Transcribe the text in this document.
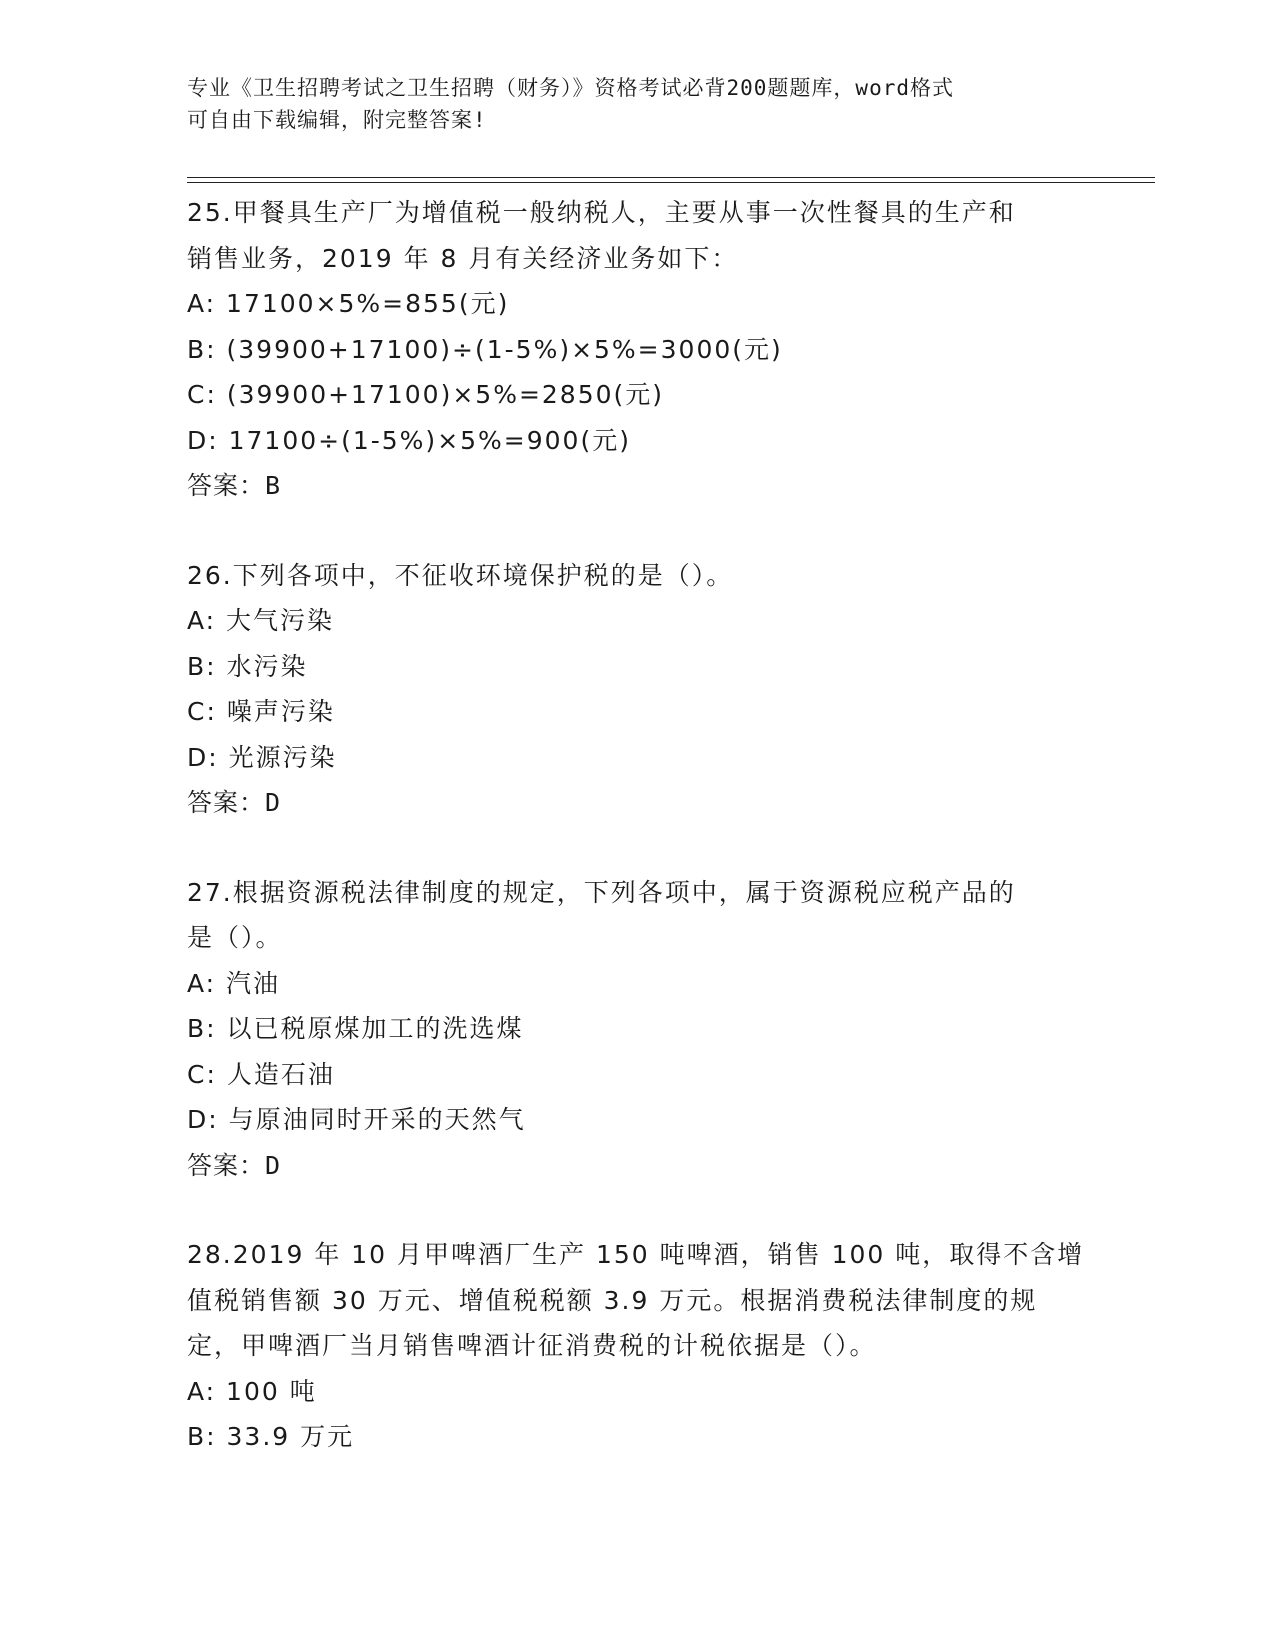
专业《卫生招聘考试之卫生招聘（财务）》资格考试必背200题题库，word格式
可自由下载编辑，附完整答案!
25.甲餐具生产厂为增值税一般纳税人，主要从事一次性餐具的生产和
销售业务，2019 年 8 月有关经济业务如下：
A: 17100×5%=855(元)
B: (39900+17100)÷(1-5%)×5%=3000(元)
C: (39900+17100)×5%=2850(元)
D: 17100÷(1-5%)×5%=900(元)
答案：B
26.下列各项中，不征收环境保护税的是（）。
A: 大气污染
B: 水污染
C: 噪声污染
D: 光源污染
答案：D
27.根据资源税法律制度的规定，下列各项中，属于资源税应税产品的
是（）。
A: 汽油
B: 以已税原煤加工的洗选煤
C: 人造石油
D: 与原油同时开采的天然气
答案：D
28.2019 年 10 月甲啤酒厂生产 150 吨啤酒，销售 100 吨，取得不含增
值税销售额 30 万元、增值税税额 3.9 万元。根据消费税法律制度的规
定，甲啤酒厂当月销售啤酒计征消费税的计税依据是（）。
A: 100 吨
B: 33.9 万元
